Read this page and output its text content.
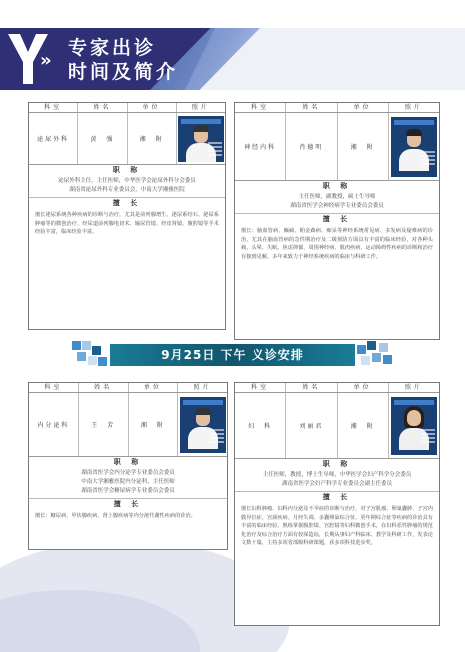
»
专家出诊
时间及简介
科室	姓名	单位	照片
泌尿外科	黄　强	湘　附
职 称
泌尿外科主任，主任医师，中华医学会泌尿外科分会委员
湖南省泌尿外科专业委员会，中南大学湘雅医院
擅 长
擅长泌尿系统各种疾病的诊断与治疗，尤其是前列腺增生、泌尿系结石、泌尿系肿瘤等的微创治疗，经尿道前列腺电切术、输尿管镜、经皮肾镜、腹腔镜等手术经验丰富，临床经验丰富。
科室	姓名	单位	照片
神经内科	肖德明	湘　附
职 称
主任医师，副教授，硕士生导师
湖南省医学会神经病学专业委员会委员
擅 长
擅长：脑血管病、癫痫、帕金森病、痴呆等神经系统常见病、多发病及疑难病的诊治，尤其在脑血管病的急性期治疗及二级预防方面具有丰富的临床经验，对各种头痛、头晕、失眠、焦虑抑郁、周围神经病、肌肉疾病、运动障碍性疾病的诊断和治疗有独到见解，多年来致力于神经系统疾病的临床与科研工作。
9月25日 下午 义诊安排
科室	姓名	单位	照片
内分泌科	王　芳	湘　附
职 称
湖南省医学会内分泌学专业委员会委员
中南大学湘雅医院内分泌科，主任医师
湖南省医学会糖尿病学专业委员会委员
擅 长
擅长：糖尿病、甲状腺疾病、肾上腺疾病等内分泌代谢性疾病的诊治。
科室	姓名	单位	照片
妇　科	刘丽君	湘　附
职 称
主任医师，教授，博士生导师，中华医学会妇产科学分会委员
湖南省医学会妇产科学专业委员会副主任委员
擅 长
擅长妇科肿瘤、妇科内分泌及不孕症的诊断与治疗，对子宫肌瘤、卵巢囊肿、子宫内膜异位症、宫颈疾病、月经失调、多囊卵巢综合征、更年期综合征等疾病的诊治具有丰富的临床经验，熟练掌握腹腔镜、宫腔镜等妇科微创手术，在妇科恶性肿瘤的规范化治疗及综合治疗方面有较深造诣，长期从事妇产科临床、教学及科研工作，发表论文数十篇，主持多项省部级科研课题，获多项科技进步奖。
